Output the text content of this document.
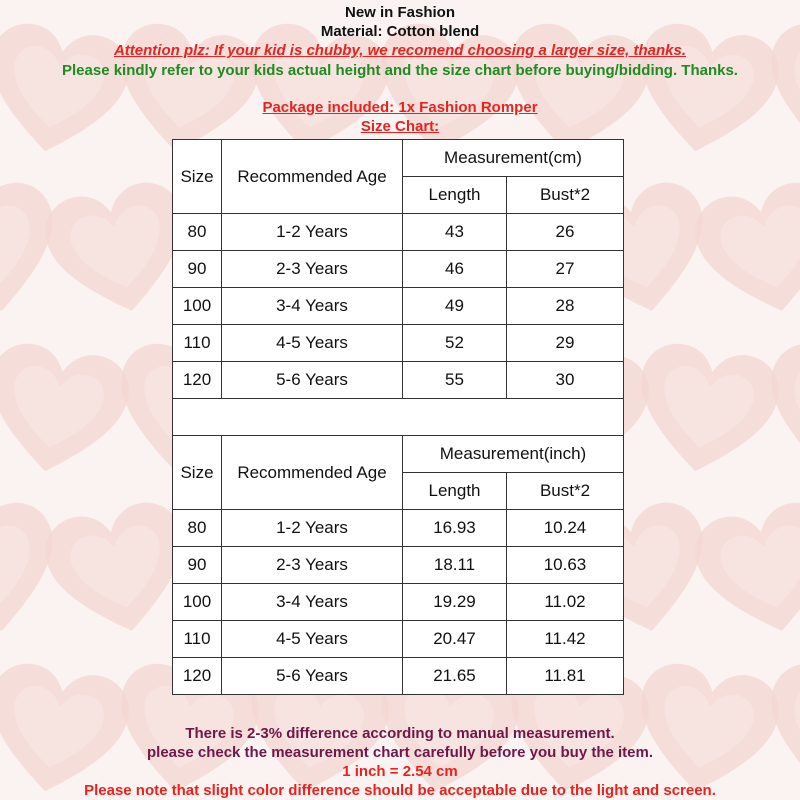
New in Fashion
Material: Cotton blend
Attention plz: If your kid is chubby, we recomend choosing a larger size, thanks.
Please kindly refer to your kids actual height and the size chart before buying/bidding. Thanks.
Package included: 1x Fashion Romper
Size Chart:
Size	Recommended Age	Measurement(cm)	
		Length	Bust*2
80	1-2 Years	43	26
90	2-3 Years	46	27
100	3-4 Years	49	28
110	4-5 Years	52	29
120	5-6 Years	55	30

Size	Recommended Age	Measurement(inch)	
		Length	Bust*2
80	1-2 Years	16.93	10.24
90	2-3 Years	18.11	10.63
100	3-4 Years	19.29	11.02
110	4-5 Years	20.47	11.42
120	5-6 Years	21.65	11.81
There is 2-3% difference according to manual measurement.
please check the measurement chart carefully before you buy the item.
1 inch = 2.54 cm
Please note that slight color difference should be acceptable due to the light and screen.
